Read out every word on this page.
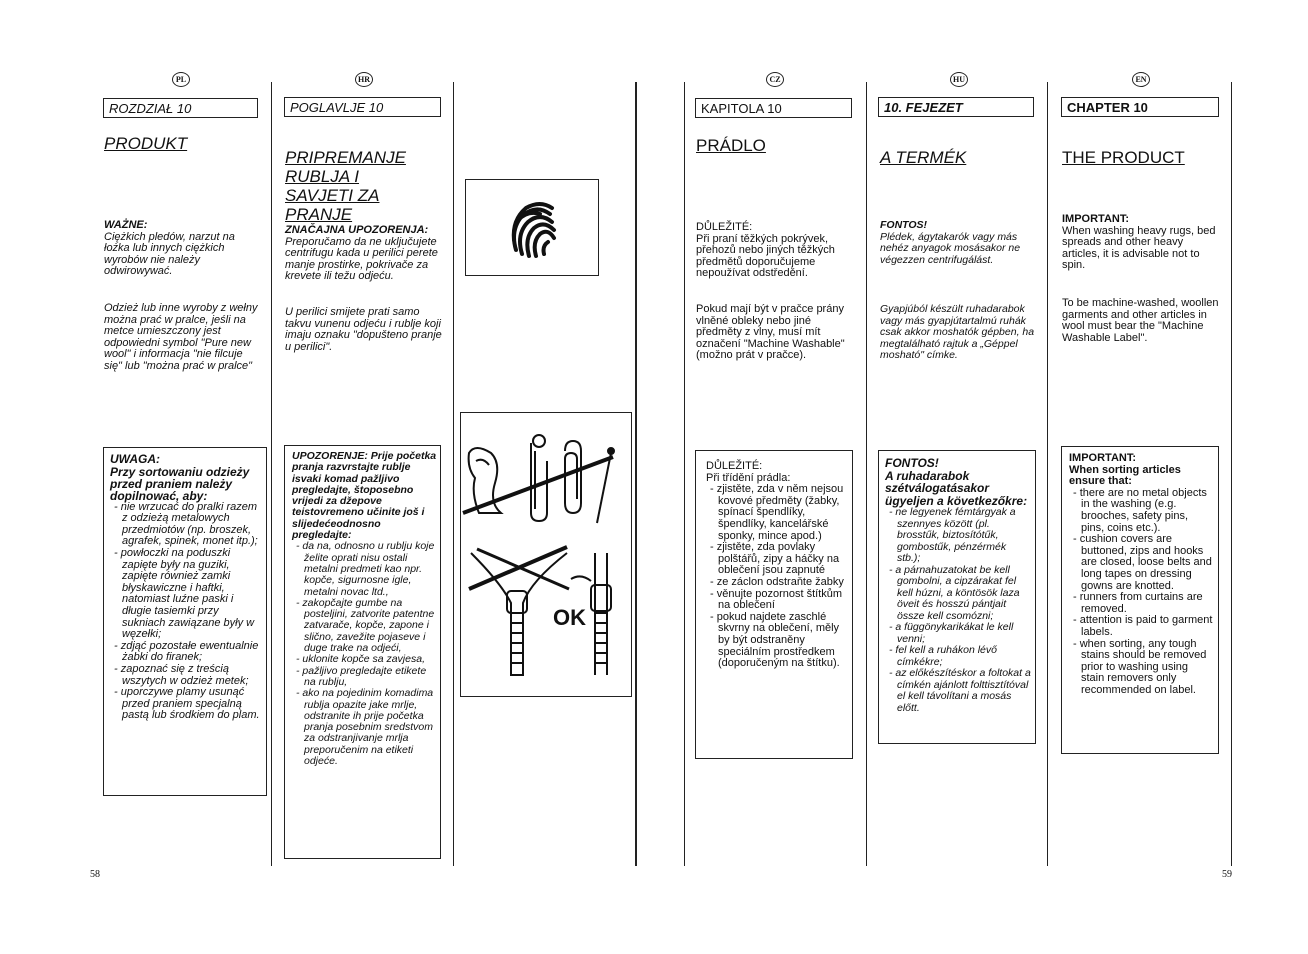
PL	HR	CZ	HU	EN
ROZDZIAŁ 10
PRODUKT
WAŻNE:
Ciężkich pledów, narzut na łożka lub innych ciężkich wyrobów nie należy odwirowywać.
Odzież lub inne wyroby z wełny można prać w pralce, jeśli na metce umieszczony jest odpowiedni symbol "Pure new wool" i informacja "nie filcuje się" lub "można prać w pralce"
UWAGA:
Przy sortowaniu odzieży przed praniem należy dopilnować, aby:
- nie wrzucać do pralki razem z odzieżą metalowych przedmiotów (np. broszek, agrafek, spinek, monet itp.);
- powłoczki na poduszki zapięte były na guziki, zapięte również zamki błyskawiczne i haftki, natomiast luźne paski i długie tasiemki przy sukniach zawiązane były w węzełki;
- zdjąć pozostałe ewentualnie żabki do firanek;
- zapoznać się z treścią wszytych w odzież metek;
- uporczywe plamy usunąć przed praniem specjalną pastą lub środkiem do plam.
58
POGLAVLJE 10
PRIPREMANJE
RUBLJA I
SAVJETI ZA PRANJE
ZNAČAJNA UPOZORENJA:
Preporučamo da ne uključujete centrifugu kada u perilici perete manje prostirke, pokrivače za krevete ili težu odjeću.
U perilici smijete prati samo takvu vunenu odjeću i rublje koji imaju oznaku "dopušteno pranje u perilici".
UPOZORENJE: Prije početka pranja razvrstajte rublje isvaki komad pažljivo pregledajte, štoposebno vrijedi za džepove teistovremeno učinite još i slijedećeodnosno pregledajte:
- da na, odnosno u rublju koje želite oprati nisu ostali metalni predmeti kao npr. kopče, sigurnosne igle, metalni novac ltd.,
- zakopčajte gumbe na posteljini, zatvorite patentne zatvarače, kopče, zapone i slično, zavežite pojaseve i duge trake na odjeći,
- uklonite kopče sa zavjesa,
- pažljivo pregledajte etikete na rublju,
- ako na pojedinim komadima rublja opazite jake mrlje, odstranite ih prije početka pranja posebnim sredstvom za odstranjivanje mrlja preporučenim na etiketi odjeće.
OK
KAPITOLA 10
PRÁDLO
DŮLEŽITÉ:
Při praní těžkých pokrývek, přehozů nebo jiných těžkých předmětů doporučujeme nepoužívat odstředění.
Pokud mají být v pračce prány vlněné obleky nebo jiné předměty z vlny, musí mít označení "Machine Washable" (možno prát v pračce).
DŮLEŽITÉ:
Při třídění prádla:
- zjistěte, zda v něm nejsou kovové předměty (žabky, spínací špendlíky, špendlíky, kancelářské sponky, mince apod.)
- zjistěte, zda povlaky polštářů, zipy a háčky na oblečení jsou zapnuté
- ze záclon odstraňte žabky
- věnujte pozornost štítkům na oblečení
- pokud najdete zaschlé skvrny na oblečení, měly by být odstraněny speciálním prostředkem (doporučeným na štítku).
10. FEJEZET
A TERMÉK
FONTOS!
Plédek, ágytakarók vagy más nehéz anyagok mosásakor ne végezzen centrifugálást.
Gyapjúból készült ruhadarabok vagy más gyapjútartalmú ruhák csak akkor moshatók gépben, ha megtalálható rajtuk a „Géppel mosható" címke.
FONTOS!
A ruhadarabok szétválogatásakor ügyeljen a következőkre:
- ne legyenek fémtárgyak a szennyes között (pl. brosstűk, biztosítótűk, gombostűk, pénzérmék stb.);
- a párnahuzatokat be kell gombolni, a cipzárakat fel kell húzni, a köntösök laza öveit és hosszú pántjait össze kell csomózni;
- a függönykarikákat le kell venni;
- fel kell a ruhákon lévő címkékre;
- az előkészítéskor a foltokat a címkén ajánlott folttisztítóval el kell távolítani a mosás előtt.
CHAPTER 10
THE PRODUCT
IMPORTANT:
When washing heavy rugs, bed spreads and other heavy articles, it is advisable not to spin.
To be machine-washed, woollen garments and other articles in wool must bear the "Machine Washable Label".
IMPORTANT:
When sorting articles ensure that:
- there are no metal objects in the washing (e.g. brooches, safety pins, pins, coins etc.).
- cushion covers are buttoned, zips and hooks are closed, loose belts and long tapes on dressing gowns are knotted.
- runners from curtains are removed.
- attention is paid to garment labels.
- when sorting, any tough stains should be removed prior to washing using stain removers only recommended on label.
59
